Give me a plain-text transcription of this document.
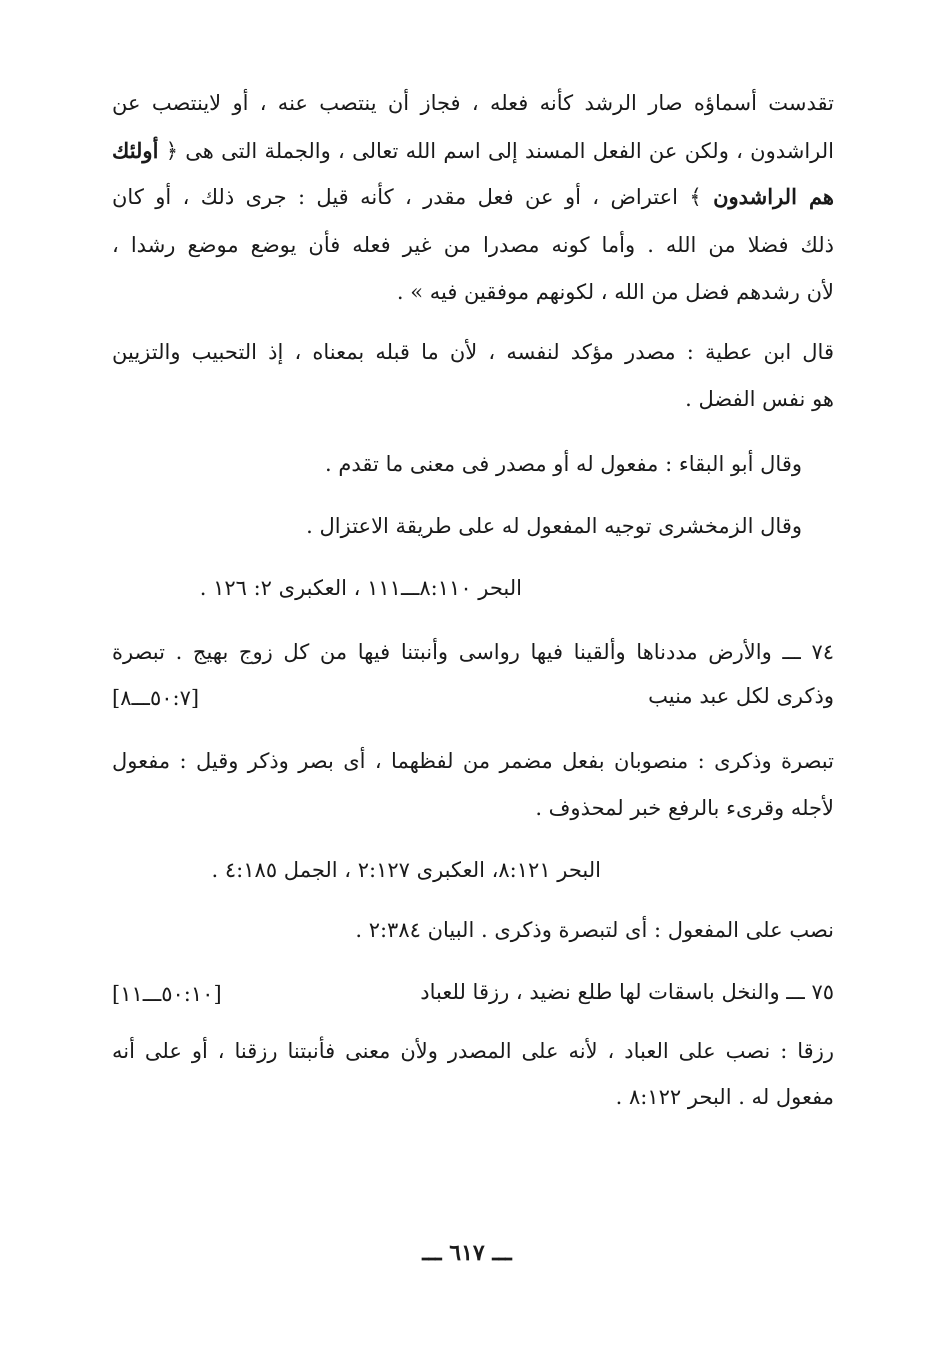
تقدست أسماؤه صار الرشد كأنه فعله ، فجاز أن ينتصب عنه ، أو لاينتصب عن
الراشدون ، ولكن عن الفعل المسند إلى اسم الله تعالى ، والجملة التى هى ﴿ أولئك
هم الراشدون ﴾ اعتراض ، أو عن فعل مقدر ، كأنه قيل : جرى ذلك ، أو كان
ذلك فضلا من الله . وأما كونه مصدرا من غير فعله فأن يوضع موضع رشدا ،
لأن رشدهم فضل من الله ، لكونهم موفقين فيه » .
قال ابن عطية : مصدر مؤكد لنفسه ، لأن ما قبله بمعناه ، إذ التحبيب والتزيين
هو نفس الفضل .
وقال أبو البقاء : مفعول له أو مصدر فى معنى ما تقدم .
وقال الزمخشرى توجيه المفعول له على طريقة الاعتزال .
البحر ٨:١١٠ـــ١١١ ، العكبرى ٢: ١٢٦ .
٧٤ ـــ والأرض مددناها وألقينا فيها رواسى وأنبتنا فيها من كل زوج بهيج . تبصرة
وذكرى لكل عبد منيب
[٥٠:٧ـــ٨]
تبصرة وذكرى : منصوبان بفعل مضمر من لفظهما ، أى بصر وذكر وقيل : مفعول
لأجله وقرىء بالرفع خبر لمحذوف .
البحر ٨:١٢١، العكبرى ٢:١٢٧ ، الجمل ٤:١٨٥ .
نصب على المفعول : أى لتبصرة وذكرى . البيان ٢:٣٨٤ .
٧٥ ـــ والنخل باسقات لها طلع نضيد ، رزقا للعباد
[٥٠:١٠ـــ١١]
رزقا : نصب على العباد ، لأنه على المصدر ولأن معنى فأنبتنا رزقنا ، أو على أنه
مفعول له . البحر ٨:١٢٢ .
ـــ ٦١٧ ـــ
